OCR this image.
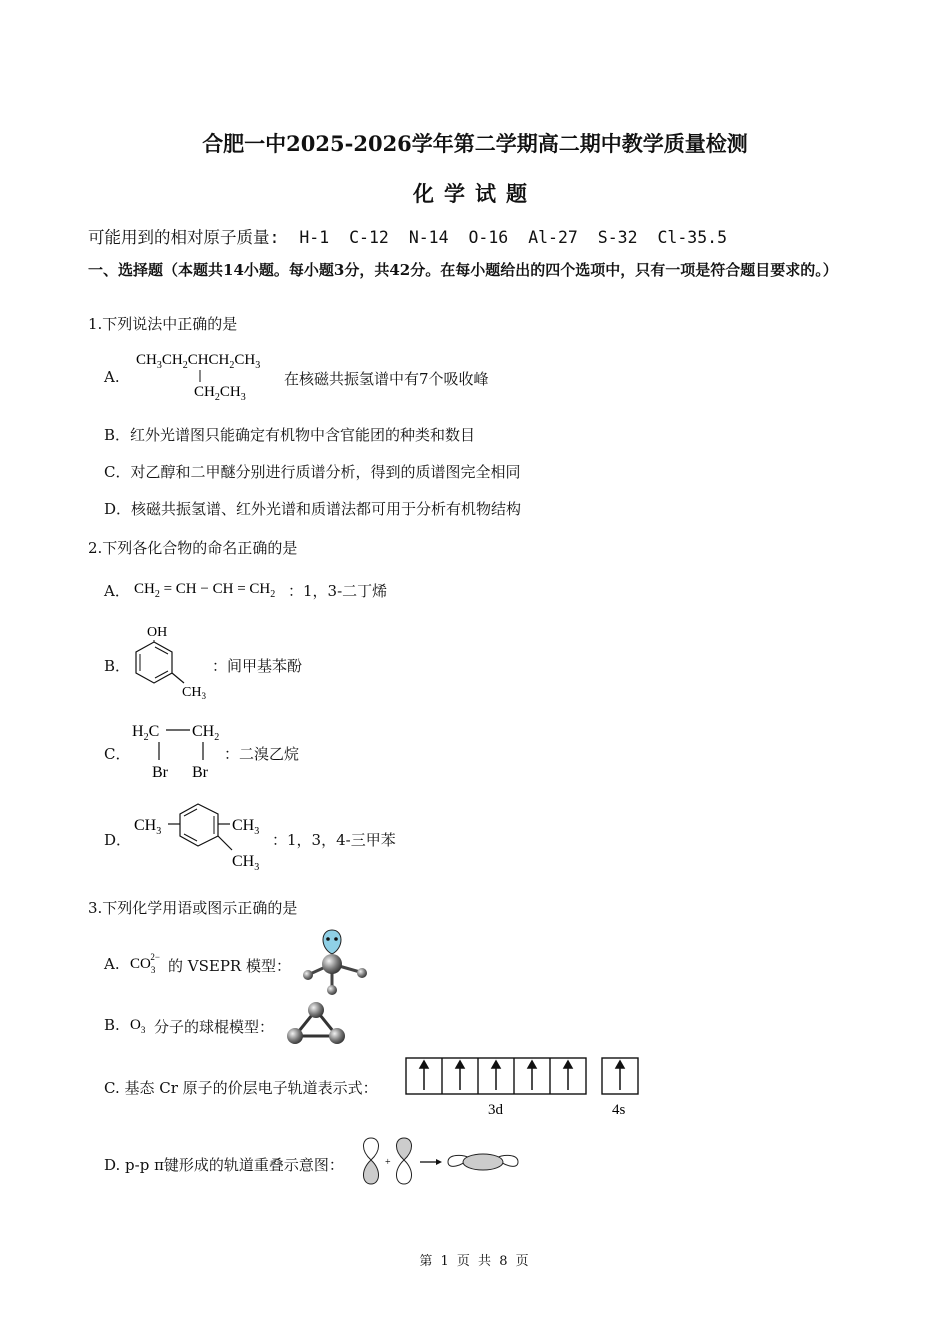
合肥一中2025-2026学年第二学期高二期中教学质量检测
化学试题
可能用到的相对原子质量: H-1 C-12 N-14 O-16 Al-27 S-32 Cl-35.5
一、选择题（本题共14小题。每小题3分，共42分。在每小题给出的四个选项中，只有一项是符合题目要求的。）
1.下列说法中正确的是
A.
$CH_3CH_2CHCH_2CH_3$
$CH_2CH_3$
在核磁共振氢谱中有7个吸收峰
B．红外光谱图只能确定有机物中含官能团的种类和数目
C．对乙醇和二甲醚分别进行质谱分析，得到的质谱图完全相同
D．核磁共振氢谱、红外光谱和质谱法都可用于分析有机物结构
2.下列各化合物的命名正确的是
A． $CH_2$ = CH − CH = $CH_2$ ：1，3-二丁烯
B．
OH
$CH_3$
：间甲基苯酚
C．
$H_2C$ $CH_2$
Br Br
：二溴乙烷
D．
$CH_3$	$CH_3$
$CH_3$
：1，3，4-三甲苯
3.下列化学用语或图示正确的是
A. $CO_32-$ 的 VSEPR 模型：
B. $O_3$ 分子的球棍模型：
C. 基态 Cr 原子的价层电子轨道表示式：
3d	4s
D. p-p π键形成的轨道重叠示意图：	+
第 1 页 共 8 页
